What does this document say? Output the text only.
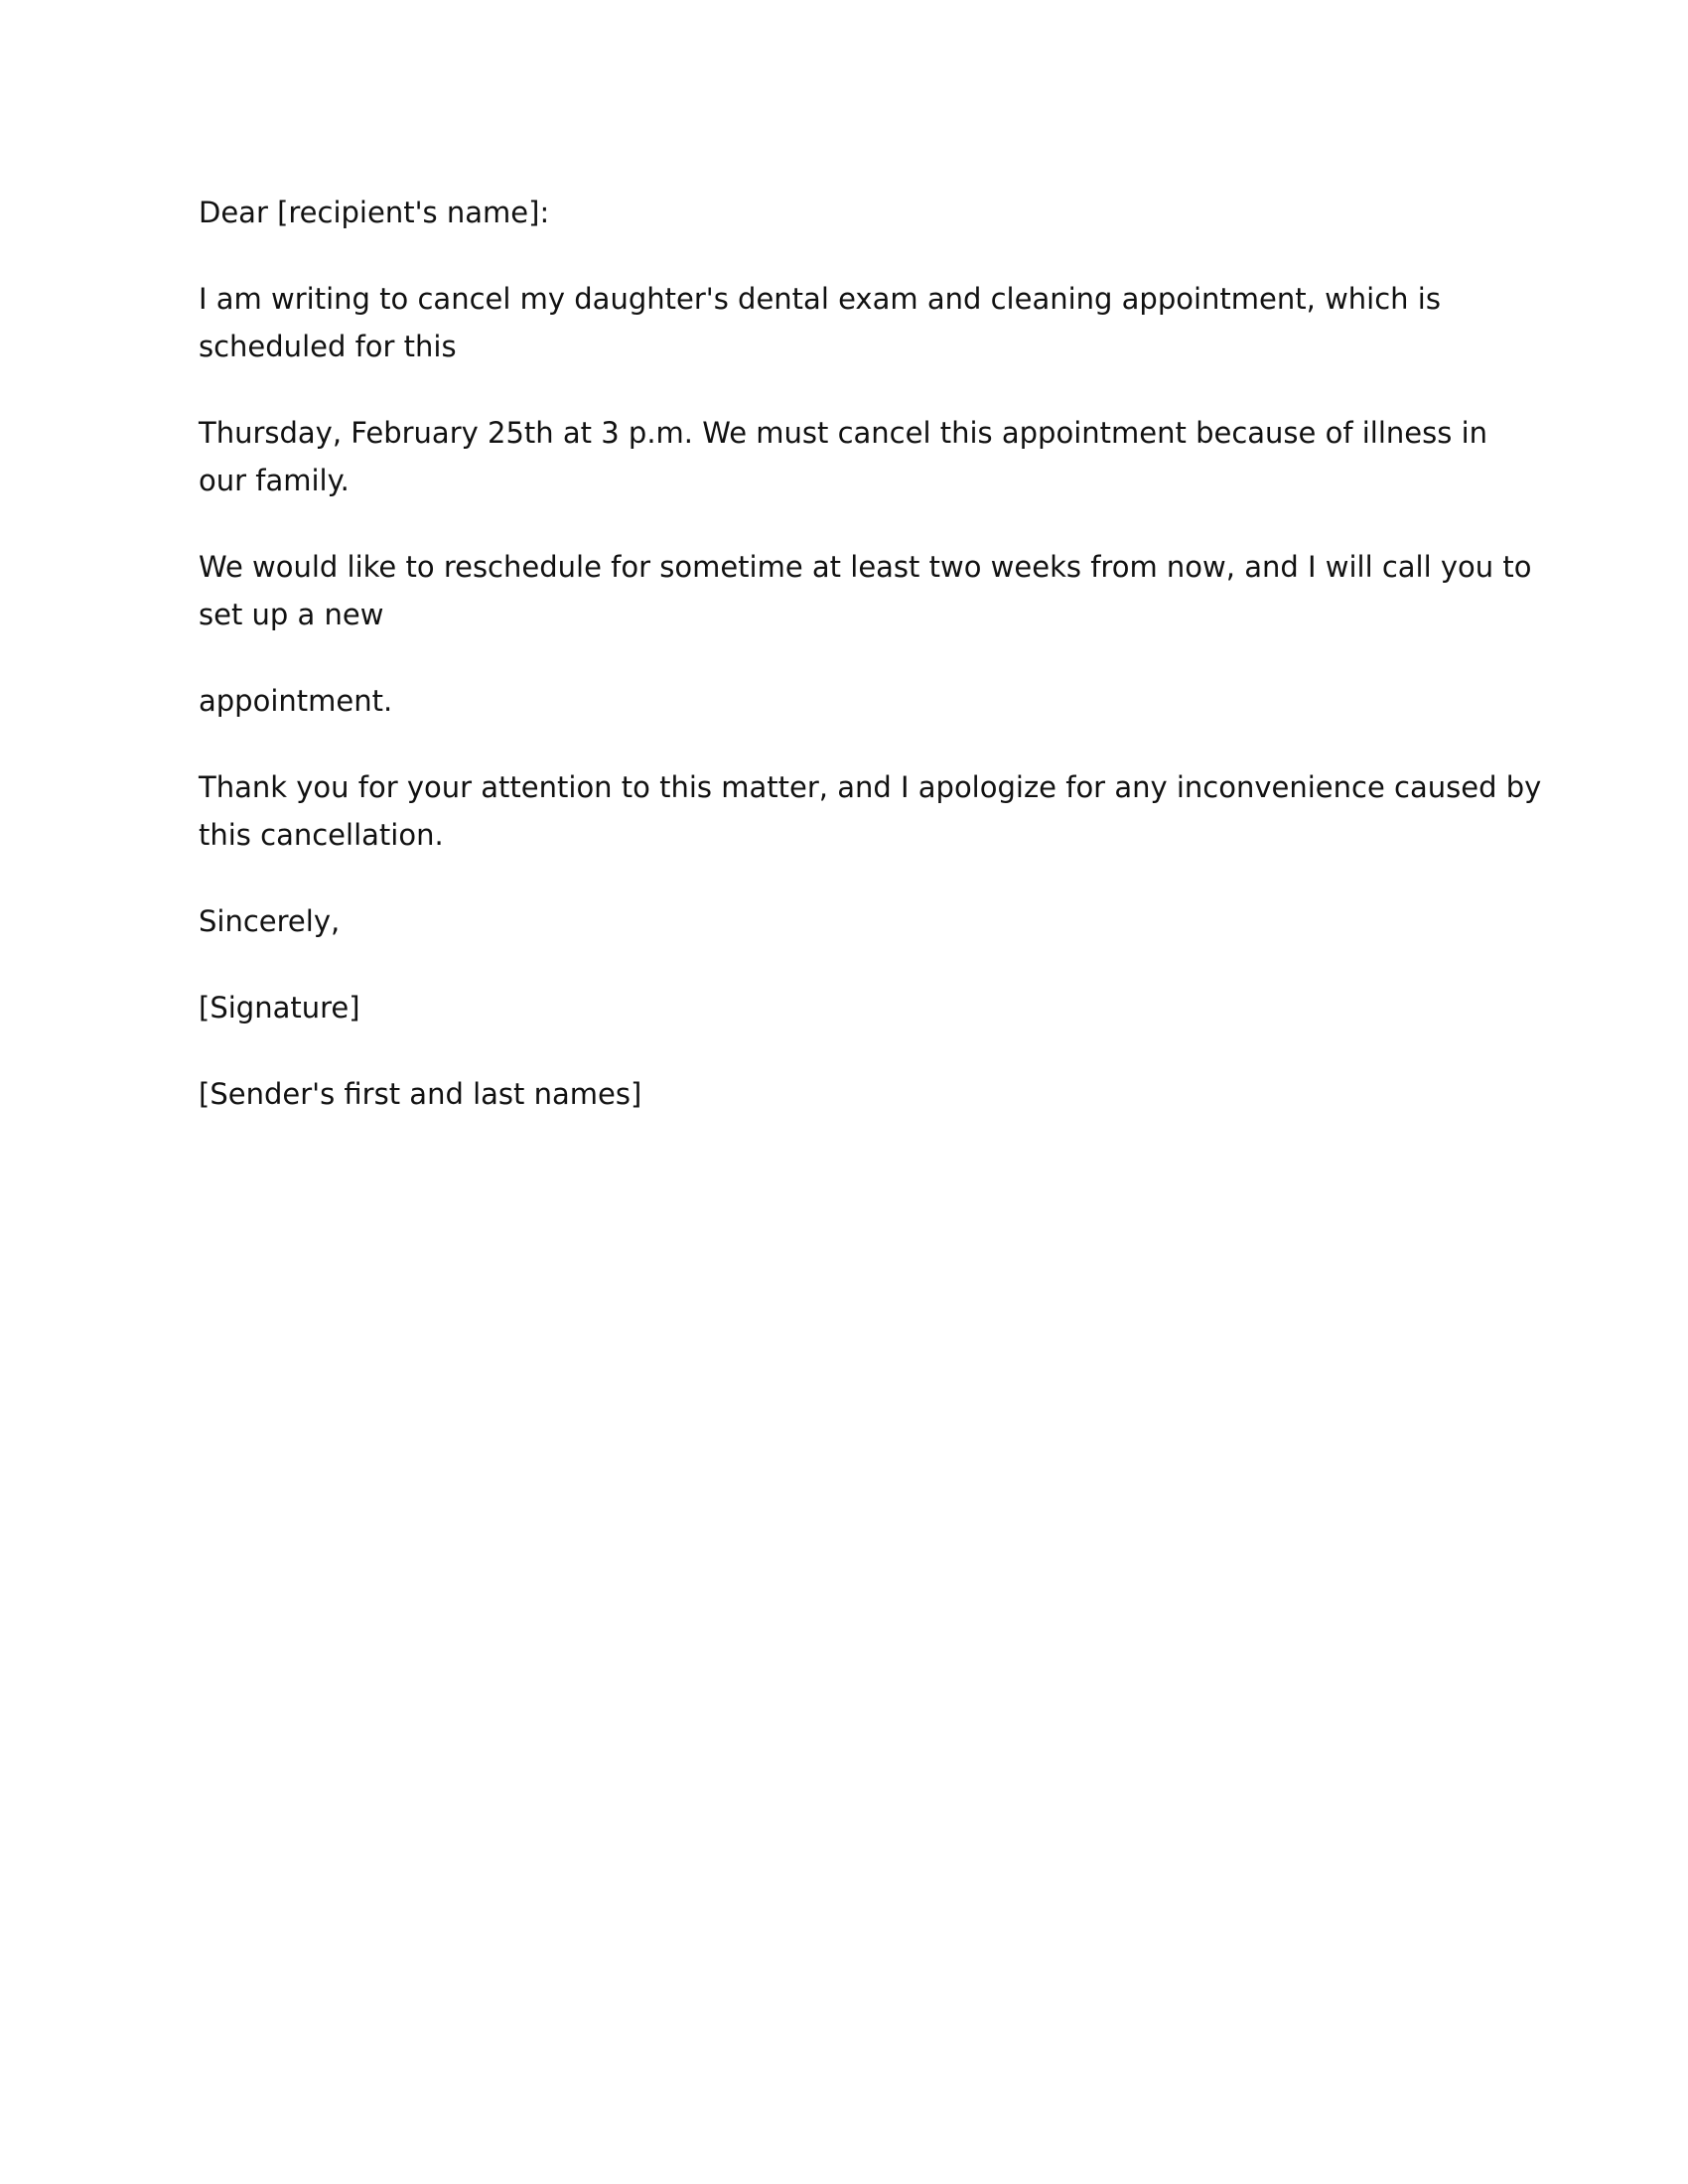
Dear [recipient's name]:

I am writing to cancel my daughter's dental exam and cleaning appointment, which is
scheduled for this

Thursday, February 25th at 3 p.m. We must cancel this appointment because of illness in
our family.

We would like to reschedule for sometime at least two weeks from now, and I will call you to
set up a new

appointment.

Thank you for your attention to this matter, and I apologize for any inconvenience caused by
this cancellation.

Sincerely,

[Signature]

[Sender's first and last names]
